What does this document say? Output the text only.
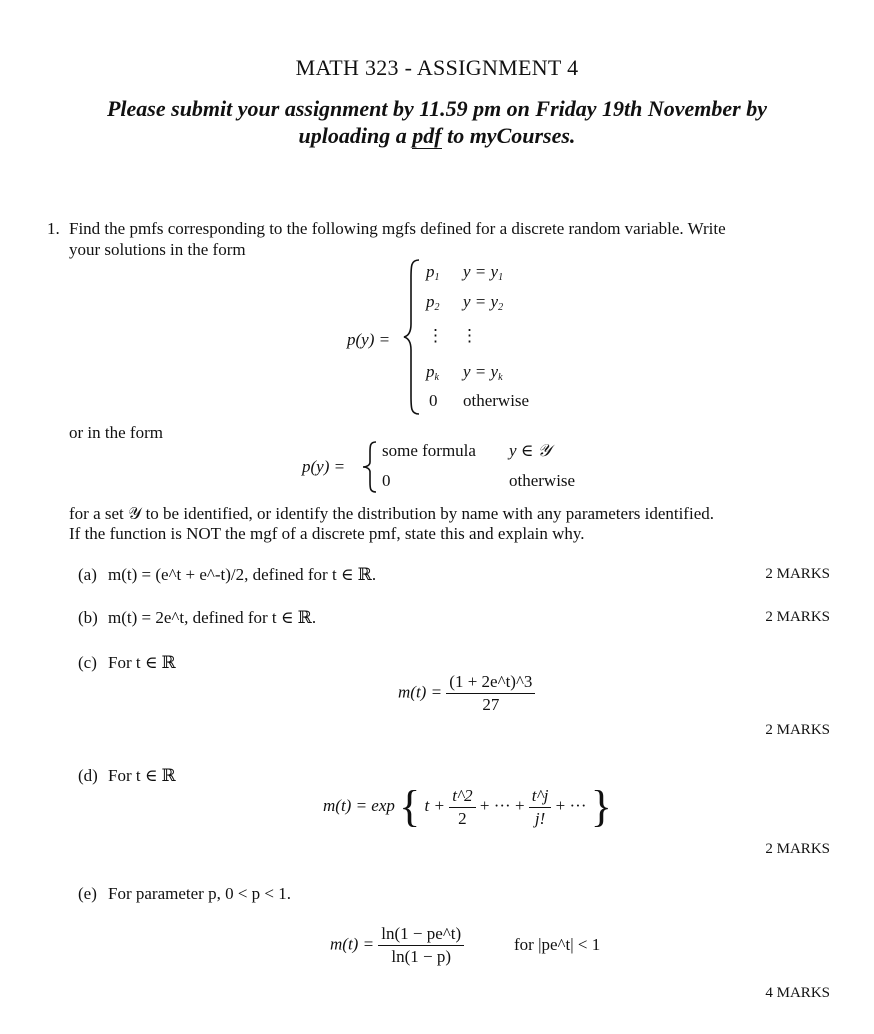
MATH 323 - ASSIGNMENT 4
Please submit your assignment by 11.59 pm on Friday 19th November by
uploading a pdf to myCourses.
1. Find the pmfs corresponding to the following mgfs defined for a discrete random variable. Write
your solutions in the form
p(y) =
$p_1$ $y = y_1$
$p_2$ $y = y_2$
⋮ ⋮
$p_k$ $y = y_k$
0 otherwise
or in the form
p(y) =
some formula y ∈ 𝒴
0	otherwise
for a set 𝒴 to be identified, or identify the distribution by name with any parameters identified.
If the function is NOT the mgf of a discrete pmf, state this and explain why.
(a) m(t) = (e^t + e^-t)/2, defined for t ∈ ℝ.	2 MARKS
(b) m(t) = 2e^t, defined for t ∈ ℝ.	2 MARKS
(c) For t ∈ ℝ
$m(t) = \frac{(1 + 2e\^{}t)\^{}3}{27}$
2 MARKS
(d) For t ∈ ℝ
m(t) = exp { $t + \frac{t\^{}2}{2}$ + ··· + $\frac{t\^{}j}{j!}$ + ··· }
2 MARKS
(e) For parameter p, 0 < p < 1.
$m(t) = \frac{\ln(1 - pe\^{}t)}{\ln(1 - p)}$	for |pe^t| < 1
4 MARKS
